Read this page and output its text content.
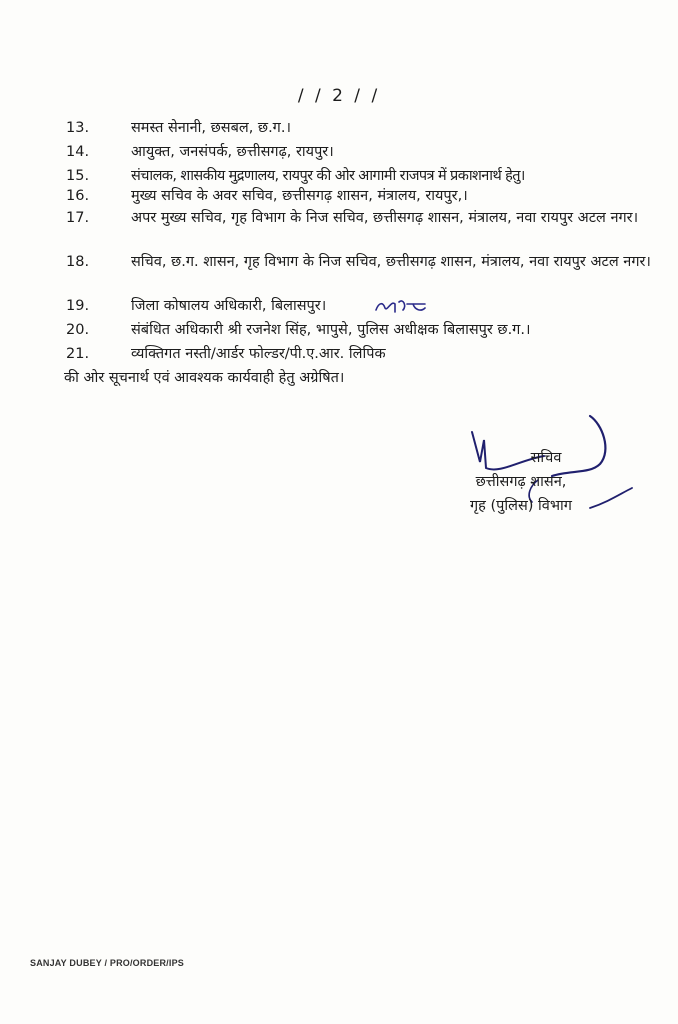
/ / 2 / /
13.	समस्त सेनानी, छसबल, छ.ग.।
14.	आयुक्त, जनसंपर्क, छत्तीसगढ़, रायपुर।
15.	संचालक, शासकीय मुद्रणालय, रायपुर की ओर आगामी राजपत्र में प्रकाशनार्थ हेतु।
16.	मुख्य सचिव के अवर सचिव, छत्तीसगढ़ शासन, मंत्रालय, रायपुर,।
17.	अपर मुख्य सचिव, गृह विभाग के निज सचिव, छत्तीसगढ़ शासन, मंत्रालय, नवा रायपुर अटल नगर।
18.	सचिव, छ.ग. शासन, गृह विभाग के निज सचिव, छत्तीसगढ़ शासन, मंत्रालय, नवा रायपुर अटल नगर।
19.	जिला कोषालय अधिकारी, बिलासपुर।
20.	संबंधित अधिकारी श्री रजनेश सिंह, भापुसे, पुलिस अधीक्षक बिलासपुर छ.ग.।
21.	व्यक्तिगत नस्ती/आर्डर फोल्डर/पी.ए.आर. लिपिक
की ओर सूचनार्थ एवं आवश्यक कार्यवाही हेतु अग्रेषित।
सचिव
छत्तीसगढ़ शासन,
गृह (पुलिस) विभाग
SANJAY DUBEY / PRO/ORDER/IPS
